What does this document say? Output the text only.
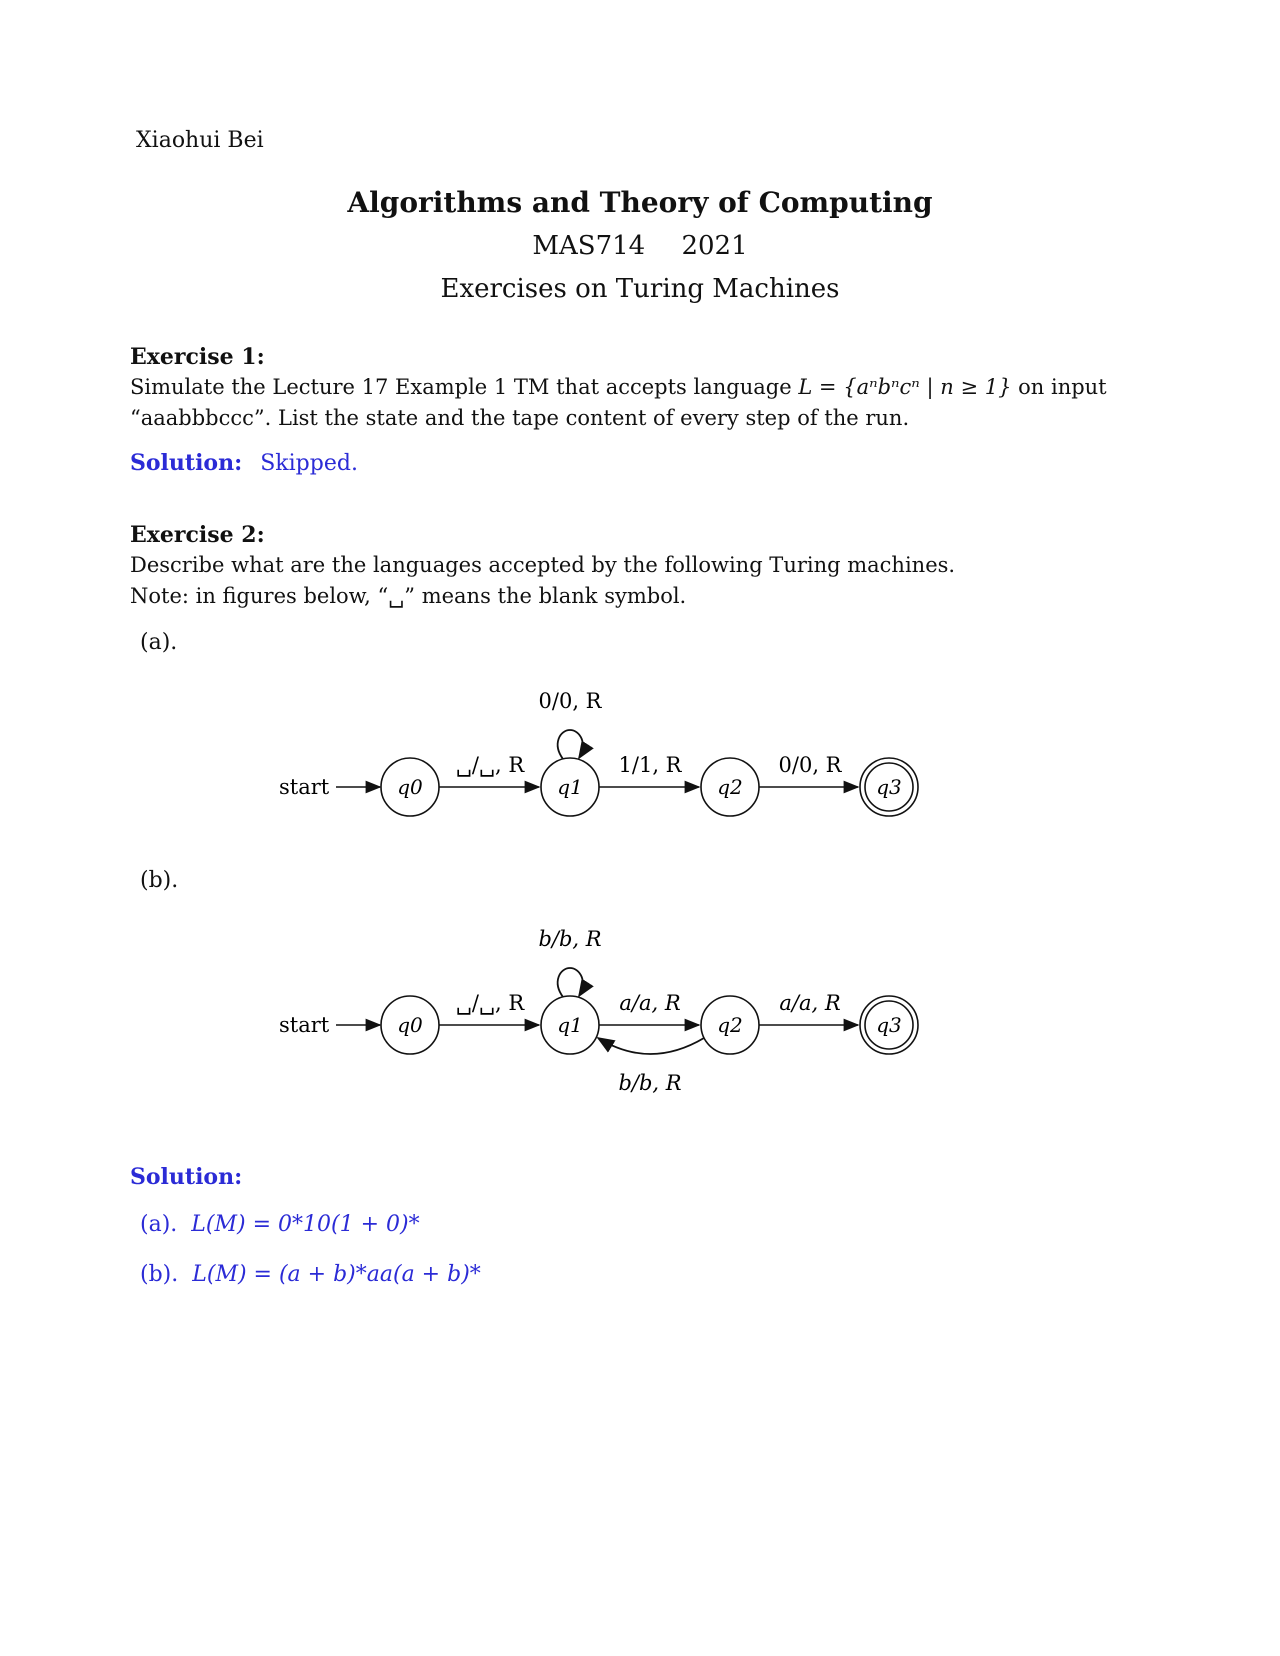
Xiaohui Bei
Algorithms and Theory of Computing
MAS714 2021
Exercises on Turing Machines
Exercise 1:
Simulate the Lecture 17 Example 1 TM that accepts language L = {aⁿbⁿcⁿ | n ≥ 1} on input
“aaabbbccc”. List the state and the tape content of every step of the run.
Solution: Skipped.
Exercise 2:
Describe what are the languages accepted by the following Turing machines.
Note: in figures below, “␣” means the blank symbol.
(a).
start	q0	q1	q2	q3
0/0, R
␣/␣, R	1/1, R	0/0, R
(b).
start	q0	q1	q2	q3
b/b, R
␣/␣, R	a/a, R
b/b, R
a/a, R
Solution:
(a). L(M) = 0*10(1 + 0)*
(b). L(M) = (a + b)*aa(a + b)*
